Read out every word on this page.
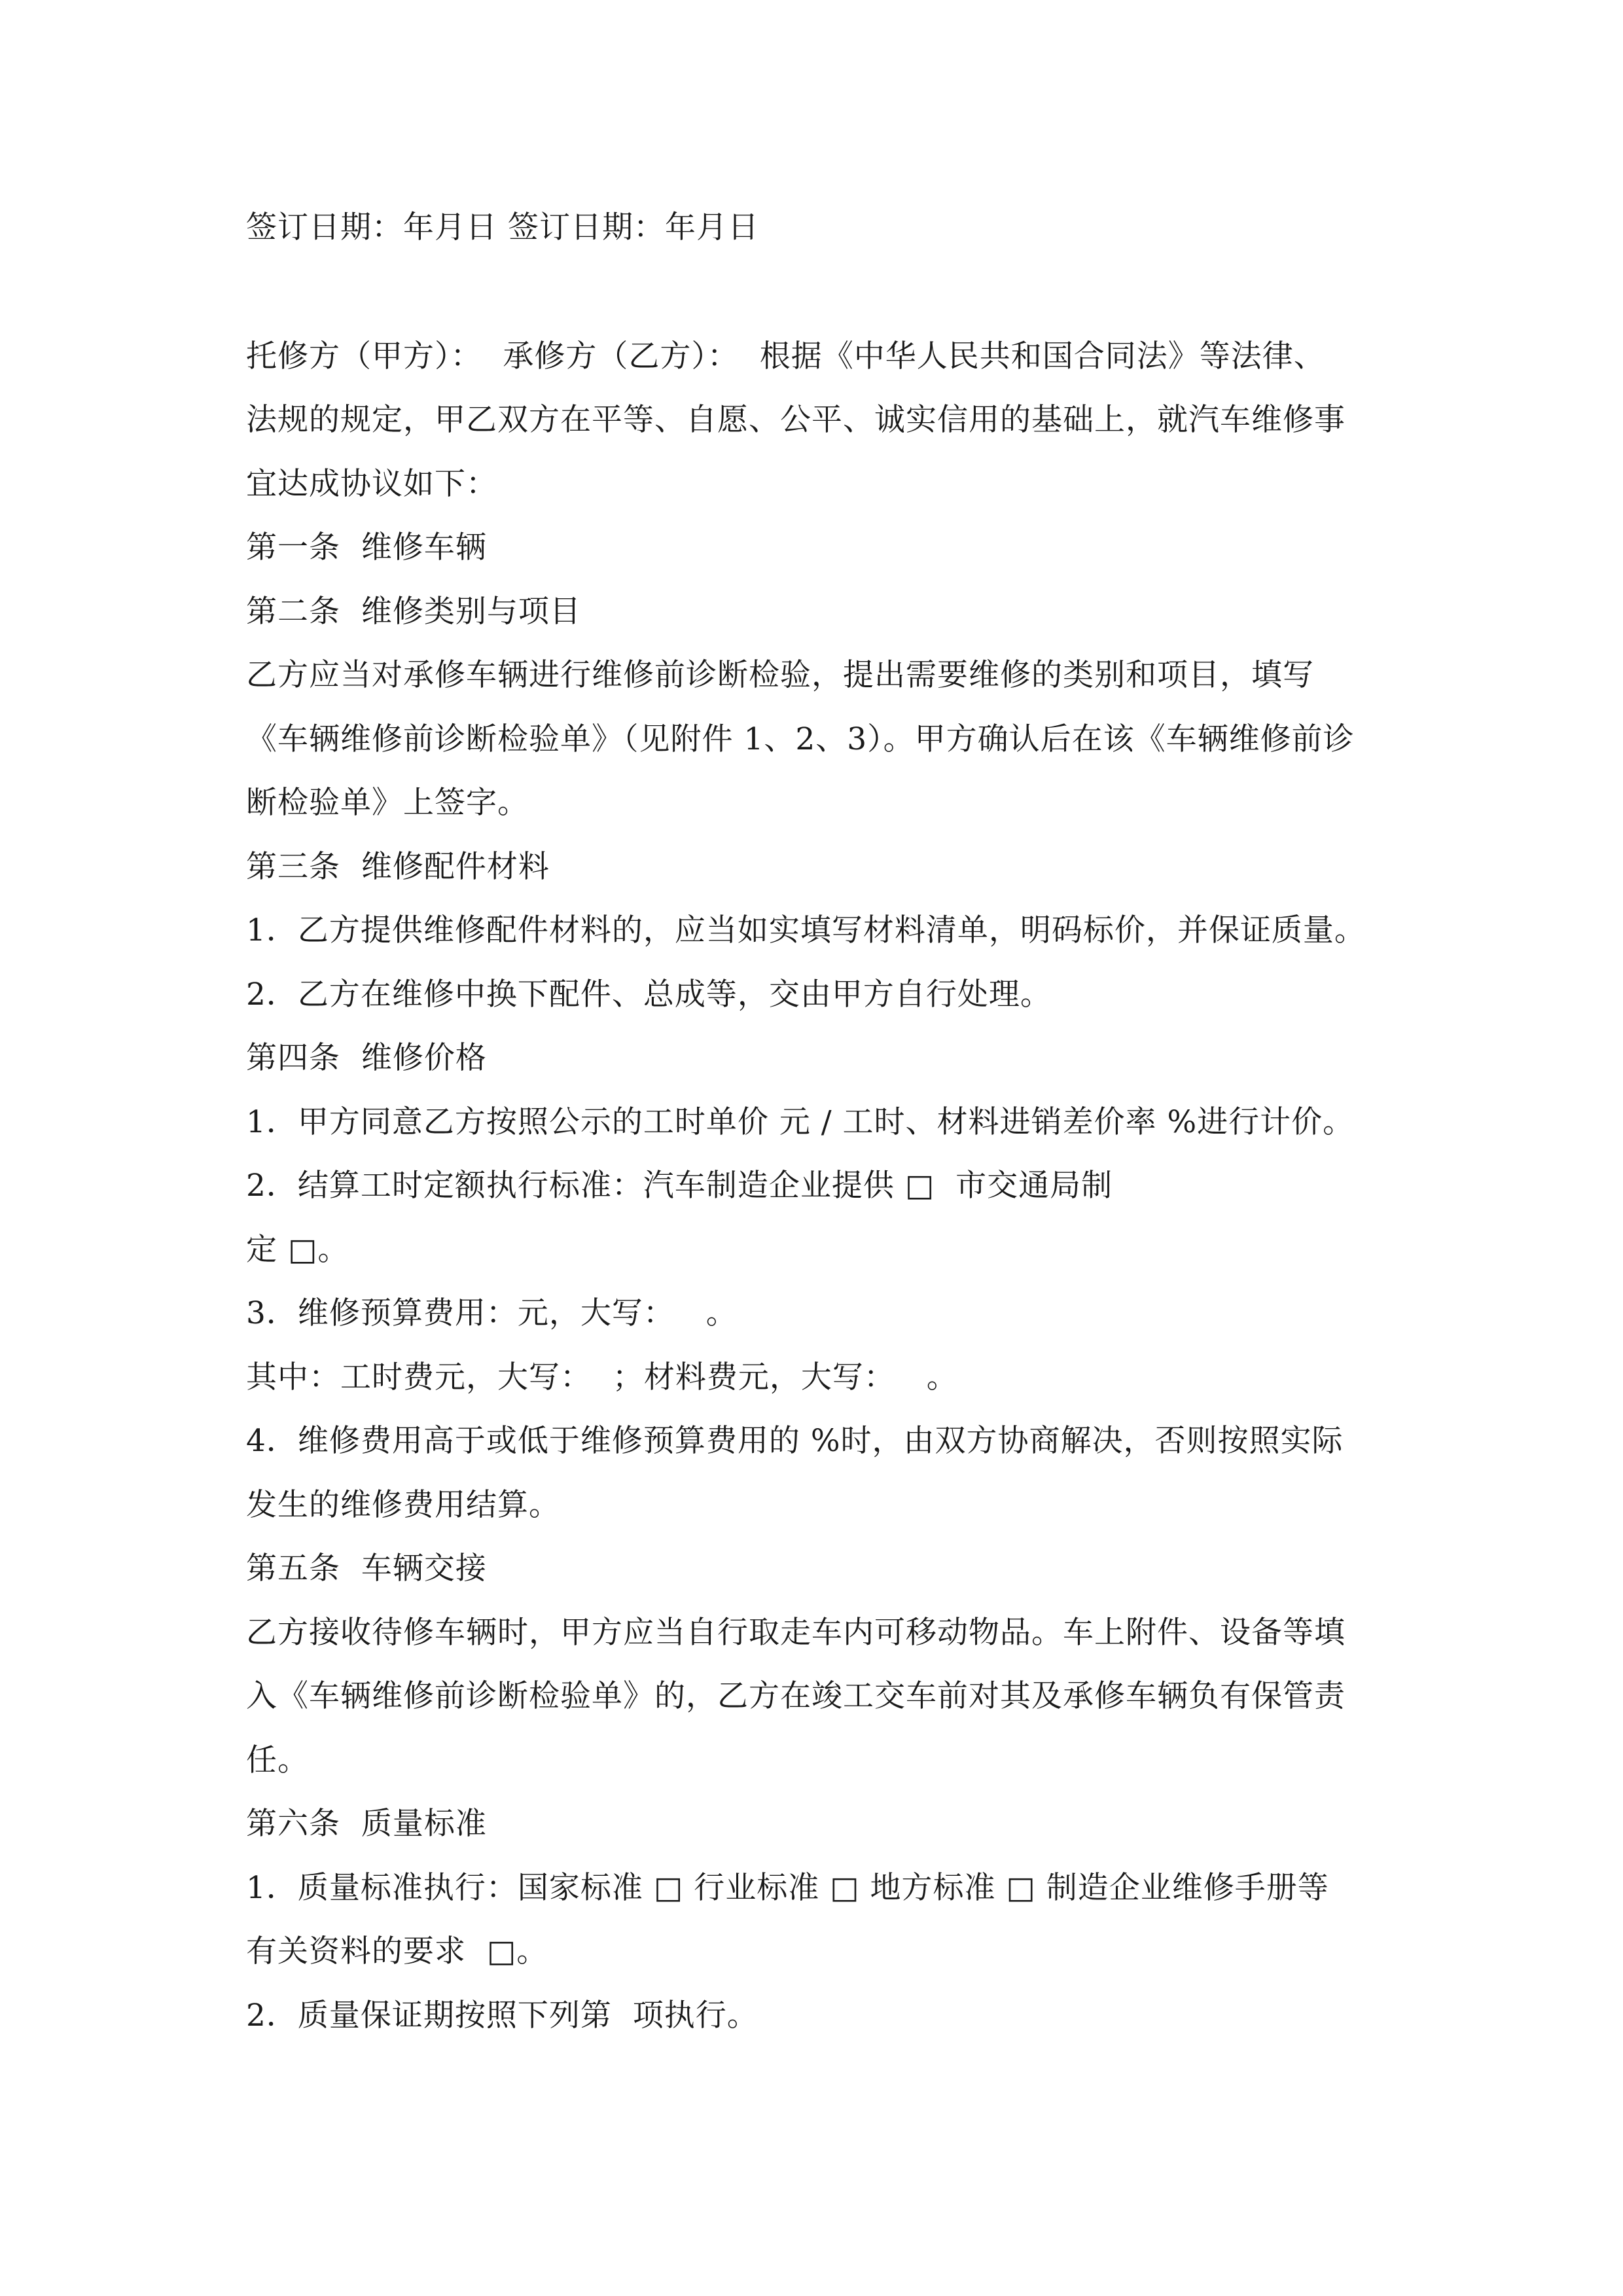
签订日期：年月日 签订日期：年月日
托修方（甲方）：  承修方（乙方）：  根据《中华人民共和国合同法》等法律、
法规的规定，甲乙双方在平等、自愿、公平、诚实信用的基础上，就汽车维修事
宜达成协议如下：
第一条  维修车辆
第二条  维修类别与项目
乙方应当对承修车辆进行维修前诊断检验，提出需要维修的类别和项目，填写
《车辆维修前诊断检验单》（见附件 1、2、3）。甲方确认后在该《车辆维修前诊
断检验单》上签字。
第三条  维修配件材料
1．乙方提供维修配件材料的，应当如实填写材料清单，明码标价，并保证质量。
2．乙方在维修中换下配件、总成等，交由甲方自行处理。
第四条  维修价格
1．甲方同意乙方按照公示的工时单价 元 / 工时、材料进销差价率 %进行计价。
2．结算工时定额执行标准：汽车制造企业提供 □  市交通局制
定 □。
3．维修预算费用：元，大写：   。
其中：工时费元，大写：  ；材料费元，大写：   。
4．维修费用高于或低于维修预算费用的 %时，由双方协商解决，否则按照实际
发生的维修费用结算。
第五条  车辆交接
乙方接收待修车辆时，甲方应当自行取走车内可移动物品。车上附件、设备等填
入《车辆维修前诊断检验单》的，乙方在竣工交车前对其及承修车辆负有保管责
任。
第六条  质量标准
1．质量标准执行：国家标准 □ 行业标准 □ 地方标准 □ 制造企业维修手册等
有关资料的要求  □。
2．质量保证期按照下列第  项执行。
